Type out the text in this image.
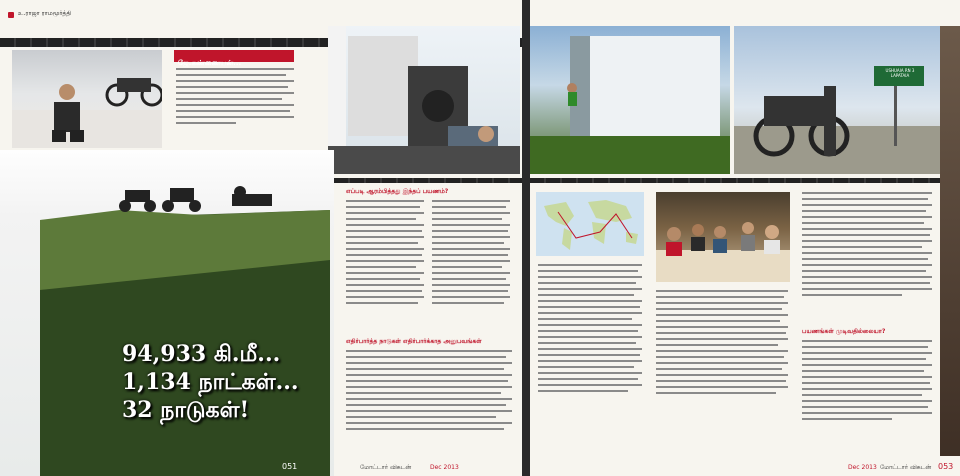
உ.ராஜா ராமமூர்த்தி
ஜே.கண்ணையன்...
94,933 கி.மீ...
1,134 நாட்கள்...
32 நாடுகள்!
051
எப்படி ஆரம்பித்தது இந்தப் பயணம்?
எதிர்பார்த்த நாடுகள் எதிர்பார்க்காத அனுபவங்கள்
மோட்டார் விகடன்	Dec 2013
USHUAIA RN 3 LAPATAIA
பயணங்கள் முடிவதில்லையா?
Dec 2013 மோட்டார் விகடன் 053
